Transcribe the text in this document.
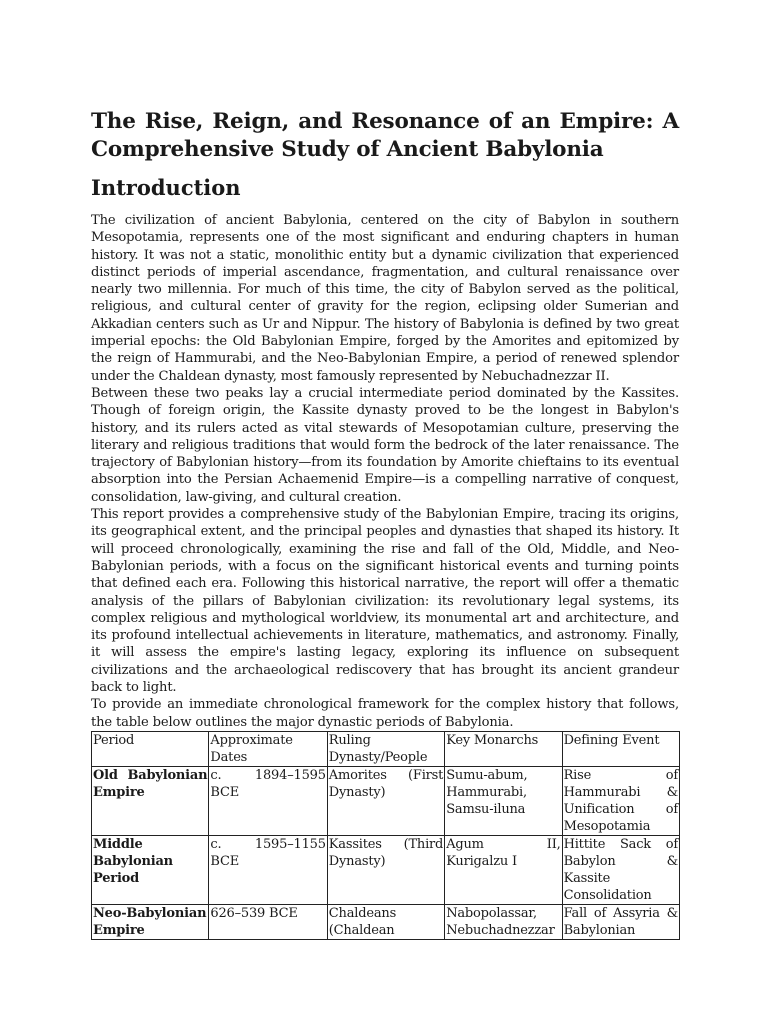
The Rise, Reign, and Resonance of an Empire: A Comprehensive Study of Ancient Babylonia
Introduction

The civilization of ancient Babylonia, centered on the city of Babylon in southern Mesopotamia, represents one of the most significant and enduring chapters in human history. It was not a static, monolithic entity but a dynamic civilization that experienced distinct periods of imperial ascendance, fragmentation, and cultural renaissance over nearly two millennia. For much of this time, the city of Babylon served as the political, religious, and cultural center of gravity for the region, eclipsing older Sumerian and Akkadian centers such as Ur and Nippur. The history of Babylonia is defined by two great imperial epochs: the Old Babylonian Empire, forged by the Amorites and epitomized by the reign of Hammurabi, and the Neo-Babylonian Empire, a period of renewed splendor under the Chaldean dynasty, most famously represented by Nebuchadnezzar II.

Between these two peaks lay a crucial intermediate period dominated by the Kassites. Though of foreign origin, the Kassite dynasty proved to be the longest in Babylon's history, and its rulers acted as vital stewards of Mesopotamian culture, preserving the literary and religious traditions that would form the bedrock of the later renaissance. The trajectory of Babylonian history—from its foundation by Amorite chieftains to its eventual absorption into the Persian Achaemenid Empire—is a compelling narrative of conquest, consolidation, law-giving, and cultural creation.

This report provides a comprehensive study of the Babylonian Empire, tracing its origins, its geographical extent, and the principal peoples and dynasties that shaped its history. It will proceed chronologically, examining the rise and fall of the Old, Middle, and Neo-Babylonian periods, with a focus on the significant historical events and turning points that defined each era. Following this historical narrative, the report will offer a thematic analysis of the pillars of Babylonian civilization: its revolutionary legal systems, its complex religious and mythological worldview, its monumental art and architecture, and its profound intellectual achievements in literature, mathematics, and astronomy. Finally, it will assess the empire's lasting legacy, exploring its influence on subsequent civilizations and the archaeological rediscovery that has brought its ancient grandeur back to light.

To provide an immediate chronological framework for the complex history that follows, the table below outlines the major dynastic periods of Babylonia.

Period	Approximate Dates	Ruling Dynasty/People	Key Monarchs	Defining Event
Old Babylonian Empire	c. 1894–1595 BCE	Amorites (First Dynasty)	Sumu-abum, Hammurabi, Samsu-iluna	Rise of Hammurabi & Unification of Mesopotamia
Middle Babylonian Period	c. 1595–1155 BCE	Kassites (Third Dynasty)	Agum II, Kurigalzu I	Hittite Sack of Babylon & Kassite Consolidation
Neo-Babylonian Empire	626–539 BCE	Chaldeans (Chaldean	Nabopolassar, Nebuchadnezzar	Fall of Assyria & Babylonian
